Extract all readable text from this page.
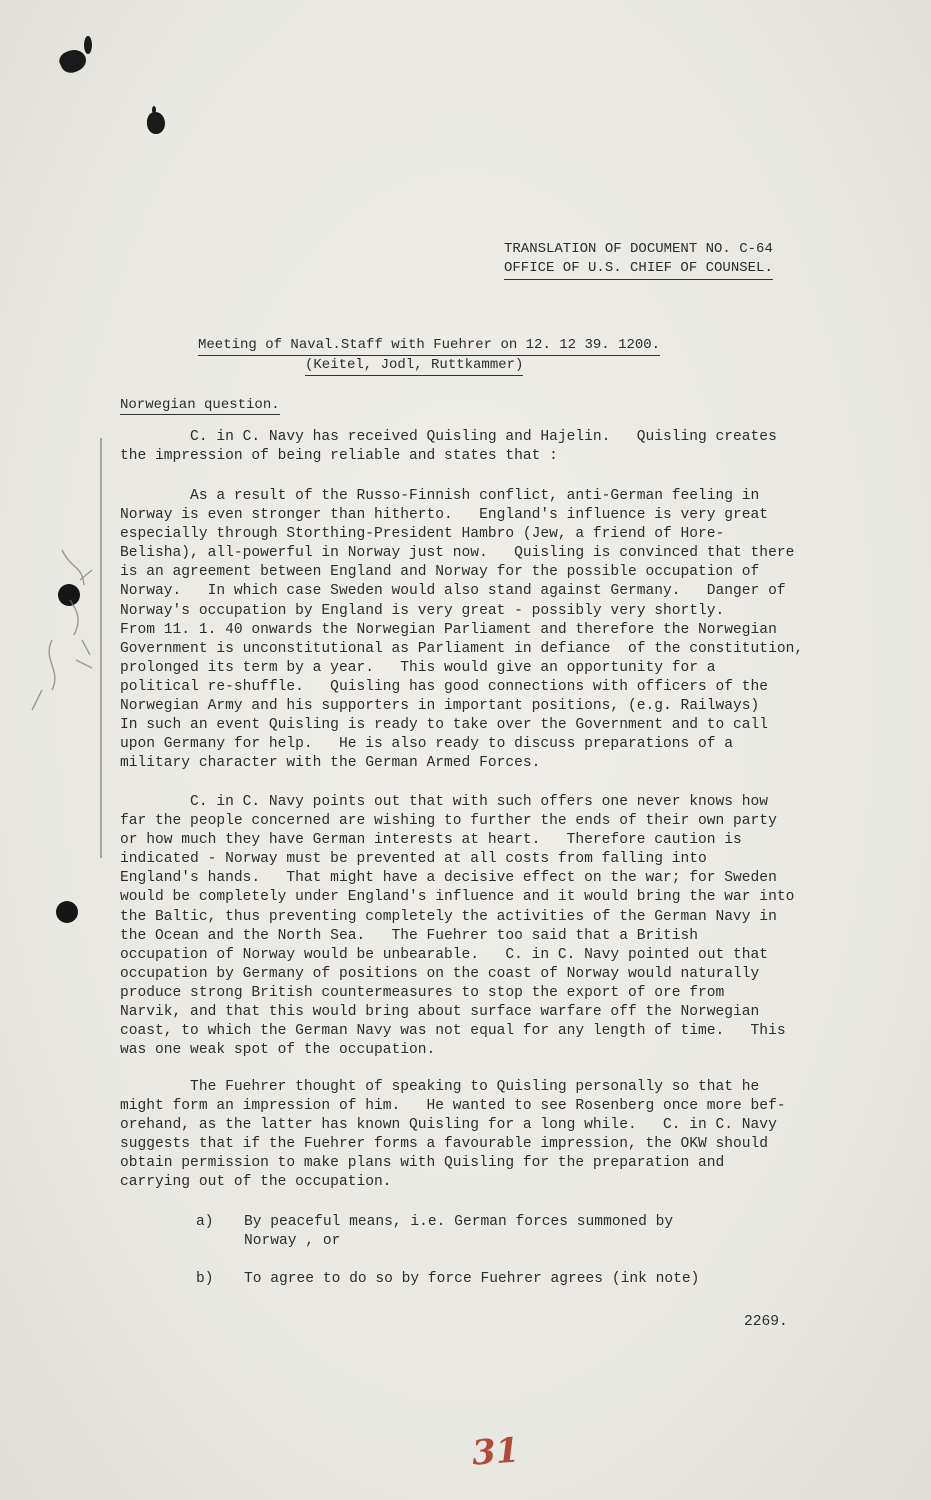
TRANSLATION OF DOCUMENT NO. C-64
OFFICE OF U.S. CHIEF OF COUNSEL.
Meeting of Naval.Staff with Fuehrer on 12. 12 39. 1200.
(Keitel, Jodl, Ruttkammer)
Norwegian question.
C. in C. Navy has received Quisling and Hajelin.   Quisling creates
the impression of being reliable and states that :
As a result of the Russo-Finnish conflict, anti-German feeling in
Norway is even stronger than hitherto.   England's influence is very great
especially through Storthing-President Hambro (Jew, a friend of Hore-
Belisha), all-powerful in Norway just now.   Quisling is convinced that there
is an agreement between England and Norway for the possible occupation of
Norway.   In which case Sweden would also stand against Germany.   Danger of
Norway's occupation by England is very great - possibly very shortly.
From 11. 1. 40 onwards the Norwegian Parliament and therefore the Norwegian
Government is unconstitutional as Parliament in defiance  of the constitution,
prolonged its term by a year.   This would give an opportunity for a
political re-shuffle.   Quisling has good connections with officers of the
Norwegian Army and his supporters in important positions, (e.g. Railways)
In such an event Quisling is ready to take over the Government and to call
upon Germany for help.   He is also ready to discuss preparations of a
military character with the German Armed Forces.
C. in C. Navy points out that with such offers one never knows how
far the people concerned are wishing to further the ends of their own party
or how much they have German interests at heart.   Therefore caution is
indicated - Norway must be prevented at all costs from falling into
England's hands.   That might have a decisive effect on the war; for Sweden
would be completely under England's influence and it would bring the war into
the Baltic, thus preventing completely the activities of the German Navy in
the Ocean and the North Sea.   The Fuehrer too said that a British
occupation of Norway would be unbearable.   C. in C. Navy pointed out that
occupation by Germany of positions on the coast of Norway would naturally
produce strong British countermeasures to stop the export of ore from
Narvik, and that this would bring about surface warfare off the Norwegian
coast, to which the German Navy was not equal for any length of time.   This
was one weak spot of the occupation.
The Fuehrer thought of speaking to Quisling personally so that he
might form an impression of him.   He wanted to see Rosenberg once more bef-
orehand, as the latter has known Quisling for a long while.   C. in C. Navy
suggests that if the Fuehrer forms a favourable impression, the OKW should
obtain permission to make plans with Quisling for the preparation and
carrying out of the occupation.
a) By peaceful means, i.e. German forces summoned by
Norway , or
b) To agree to do so by force Fuehrer agrees (ink note)
2269.
31
